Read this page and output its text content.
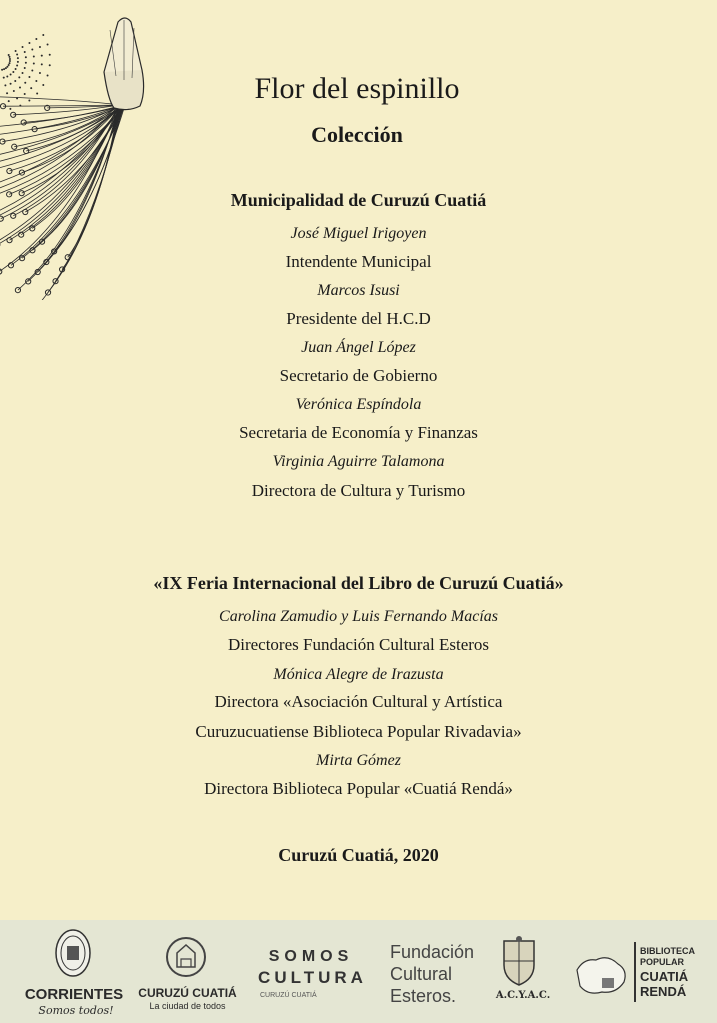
Flor del espinillo
Colección
Municipalidad de Curuzú Cuatiá
José Miguel Irigoyen
Intendente Municipal
Marcos Isusi
Presidente del H.C.D
Juan Ángel López
Secretario de Gobierno
Verónica Espíndola
Secretaria de Economía y Finanzas
Virginia Aguirre Talamona
Directora de Cultura y Turismo
«IX Feria Internacional del Libro de Curuzú Cuatiá»
Carolina Zamudio y Luis Fernando Macías
Directores Fundación Cultural Esteros
Mónica Alegre de Irazusta
Directora «Asociación Cultural y Artística
Curuzucuatiense Biblioteca Popular Rivadavia»
Mirta Gómez
Directora Biblioteca Popular «Cuatiá Rendá»
Curuzú Cuatiá, 2020
CORRIENTES
Somos todos!
CURUZÚ CUATIÁ
La ciudad de todos
SOMOS
CULTURA
CURUZÚ CUATIÁ
Fundación
Cultural
Esteros.	A.C.Y.A.C.
BIBLIOTECA
POPULAR
CUATIÁ
RENDÁ
